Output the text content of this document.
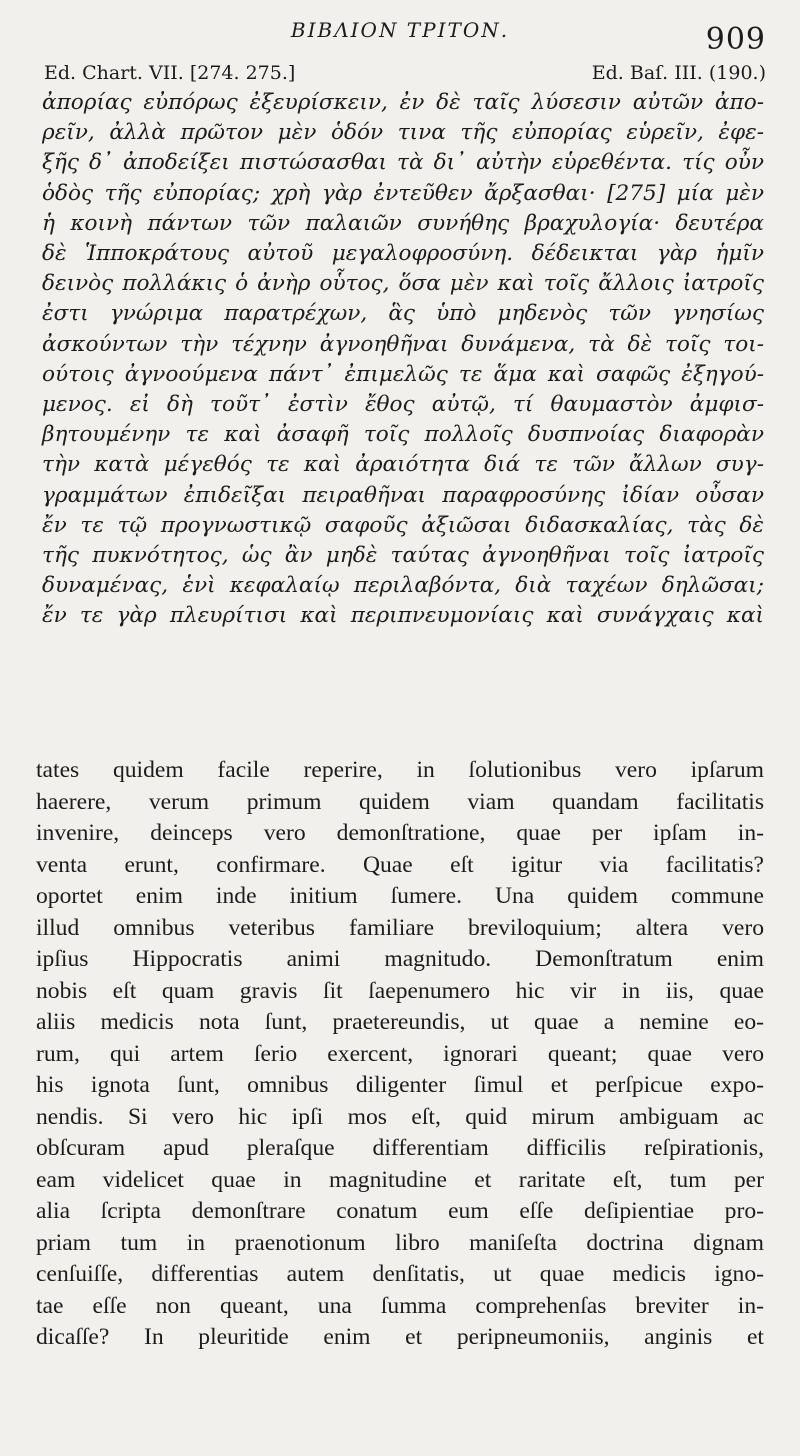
ΒΙΒΛΙΟΝ ΤΡΙΤΟΝ.	909
Ed. Chart. VII. [274. 275.]	Ed. Baſ. III. (190.)
ἀπορίας εὐπόρως ἐξευρίσκειν, ἐν δὲ ταῖς λύσεσιν αὐτῶν ἀπο-
ρεῖν, ἀλλὰ πρῶτον μὲν ὁδόν τινα τῆς εὐπορίας εὑρεῖν, ἐφε-
ξῆς δ᾽ ἀποδείξει πιστώσασθαι τὰ δι᾽ αὐτὴν εὑρεθέντα. τίς οὖν
ὁδὸς τῆς εὐπορίας; χρὴ γὰρ ἐντεῦθεν ἄρξασθαι· [275] μία μὲν
ἡ κοινὴ πάντων τῶν παλαιῶν συνήθης βραχυλογία· δευτέρα
δὲ Ἱπποκράτους αὐτοῦ μεγαλοφροσύνη. δέδεικται γὰρ ἡμῖν
δεινὸς πολλάκις ὁ ἀνὴρ οὗτος, ὅσα μὲν καὶ τοῖς ἄλλοις ἰατροῖς
ἐστι γνώριμα παρατρέχων, ἃς ὑπὸ μηδενὸς τῶν γνησίως
ἀσκούντων τὴν τέχνην ἀγνοηθῆναι δυνάμενα, τὰ δὲ τοῖς τοι-
ούτοις ἀγνοούμενα πάντ᾽ ἐπιμελῶς τε ἅμα καὶ σαφῶς ἐξηγού-
μενος. εἰ δὴ τοῦτ᾽ ἐστὶν ἔθος αὐτῷ, τί θαυμαστὸν ἀμφισ-
βητουμένην τε καὶ ἀσαφῆ τοῖς πολλοῖς δυσπνοίας διαφορὰν
τὴν κατὰ μέγεθός τε καὶ ἀραιότητα διά τε τῶν ἄλλων συγ-
γραμμάτων ἐπιδεῖξαι πειραθῆναι παραφροσύνης ἰδίαν οὖσαν
ἔν τε τῷ προγνωστικῷ σαφοῦς ἀξιῶσαι διδασκαλίας, τὰς δὲ
τῆς πυκνότητος, ὡς ἂν μηδὲ ταύτας ἀγνοηθῆναι τοῖς ἰατροῖς
δυναμένας, ἑνὶ κεφαλαίῳ περιλαβόντα, διὰ ταχέων δηλῶσαι;
ἔν τε γὰρ πλευρίτισι καὶ περιπνευμονίαις καὶ συνάγχαις καὶ
tates quidem facile reperire, in ſolutionibus vero ipſarum
haerere, verum primum quidem viam quandam facilitatis
invenire, deinceps vero demonſtratione, quae per ipſam in-
venta erunt, confirmare. Quae eſt igitur via facilitatis?
oportet enim inde initium ſumere. Una quidem commune
illud omnibus veteribus familiare breviloquium; altera vero
ipſius Hippocratis animi magnitudo. Demonſtratum enim
nobis eſt quam gravis ſit ſaepenumero hic vir in iis, quae
aliis medicis nota ſunt, praetereundis, ut quae a nemine eo-
rum, qui artem ſerio exercent, ignorari queant; quae vero
his ignota ſunt, omnibus diligenter ſimul et perſpicue expo-
nendis. Si vero hic ipſi mos eſt, quid mirum ambiguam ac
obſcuram apud pleraſque differentiam difficilis reſpirationis,
eam videlicet quae in magnitudine et raritate eſt, tum per
alia ſcripta demonſtrare conatum eum eſſe deſipientiae pro-
priam tum in praenotionum libro maniſeſta doctrina dignam
cenſuiſſe, differentias autem denſitatis, ut quae medicis igno-
tae eſſe non queant, una ſumma comprehenſas breviter in-
dicaſſe? In pleuritide enim et peripneumoniis, anginis et
